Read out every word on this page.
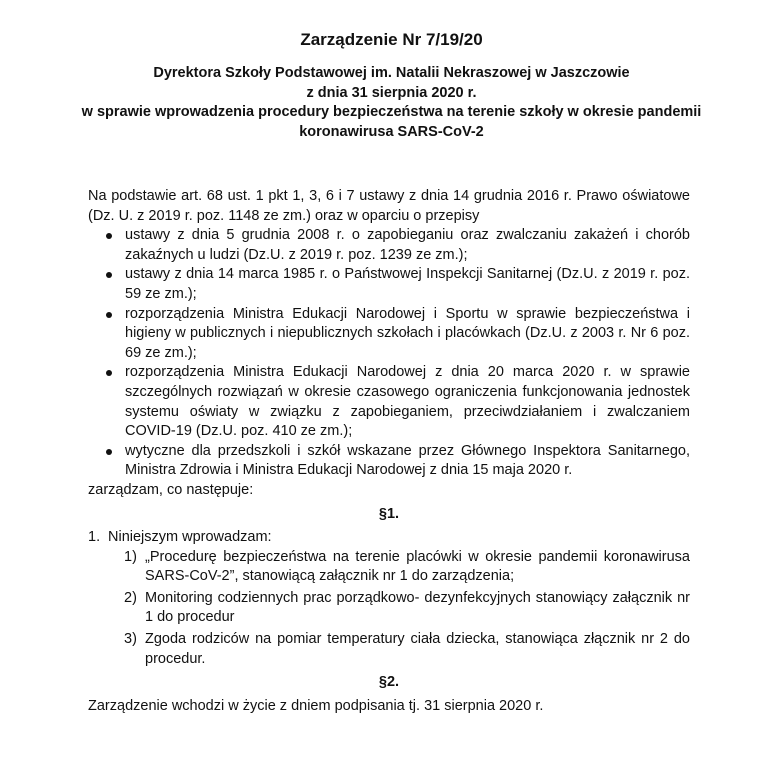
Zarządzenie Nr 7/19/20
Dyrektora Szkoły Podstawowej im. Natalii Nekraszowej w Jaszczowie
z dnia 31 sierpnia 2020 r.
w sprawie wprowadzenia procedury bezpieczeństwa na terenie szkoły w okresie pandemii
koronawirusa SARS-CoV-2

Na podstawie art. 68 ust. 1 pkt 1, 3, 6 i 7 ustawy z dnia 14 grudnia 2016 r. Prawo oświatowe (Dz. U. z 2019 r. poz. 1148 ze zm.) oraz w oparciu o przepisy

ustawy z dnia 5 grudnia 2008 r. o zapobieganiu oraz zwalczaniu zakażeń i chorób zakaźnych u ludzi (Dz.U. z 2019 r. poz. 1239 ze zm.);
ustawy z dnia 14 marca 1985 r. o Państwowej Inspekcji Sanitarnej (Dz.U. z 2019 r. poz. 59 ze zm.);
rozporządzenia Ministra Edukacji Narodowej i Sportu w sprawie bezpieczeństwa i higieny w publicznych i niepublicznych szkołach i placówkach (Dz.U. z 2003 r. Nr 6 poz. 69 ze zm.);
rozporządzenia Ministra Edukacji Narodowej z dnia 20 marca 2020 r. w sprawie szczególnych rozwiązań w okresie czasowego ograniczenia funkcjonowania jednostek systemu oświaty w związku z zapobieganiem, przeciwdziałaniem i zwalczaniem COVID-19 (Dz.U. poz. 410 ze zm.);
wytyczne dla przedszkoli i szkół wskazane przez Głównego Inspektora Sanitarnego, Ministra Zdrowia i Ministra Edukacji Narodowej z dnia 15 maja 2020 r.

zarządzam, co następuje:

§1.
1. Niniejszym wprowadzam:
1) „Procedurę bezpieczeństwa na terenie placówki w okresie pandemii koronawirusa SARS-CoV-2”, stanowiącą załącznik nr 1 do zarządzenia;
2) Monitoring codziennych prac porządkowo- dezynfekcyjnych stanowiący załącznik nr 1 do procedur
3) Zgoda rodziców na pomiar temperatury ciała dziecka, stanowiąca złącznik nr 2 do procedur.
§2.

Zarządzenie wchodzi w życie z dniem podpisania tj. 31 sierpnia 2020 r.
